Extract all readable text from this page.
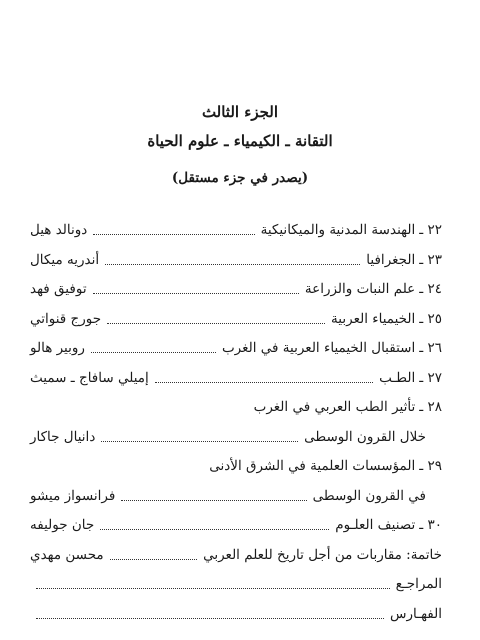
الجزء الثالث
التقانة ـ الكيمياء ـ علوم الحياة
(يصدر في جزء مستقل)
٢٢ ـالهندسة المدنية والميكانيكية
دونالد هيل
٢٣ ـالجغرافيا
أندريه ميكال
٢٤ ـعلم النبات والزراعة
توفيق فهد
٢٥ ـالخيمياء العربية
جورج قنواتي
٢٦ ـاستقبال الخيمياء العربية في الغرب
روبير هالو
٢٧ ـالطـب
إميلي سافاج ـ سميث
٢٨ ـتأثير الطب العربي في الغرب
خلال القرون الوسطى
دانيال جاكار
٢٩ ـالمؤسسات العلمية في الشرق الأدنى
في القرون الوسطى
فرانسواز ميشو
٣٠ ـتصنيف العلـوم
جان جوليفه
خاتمة: مقاربات من أجل تاريخ للعلم العربي
محسن مهدي
المراجـع
الفهـارس
